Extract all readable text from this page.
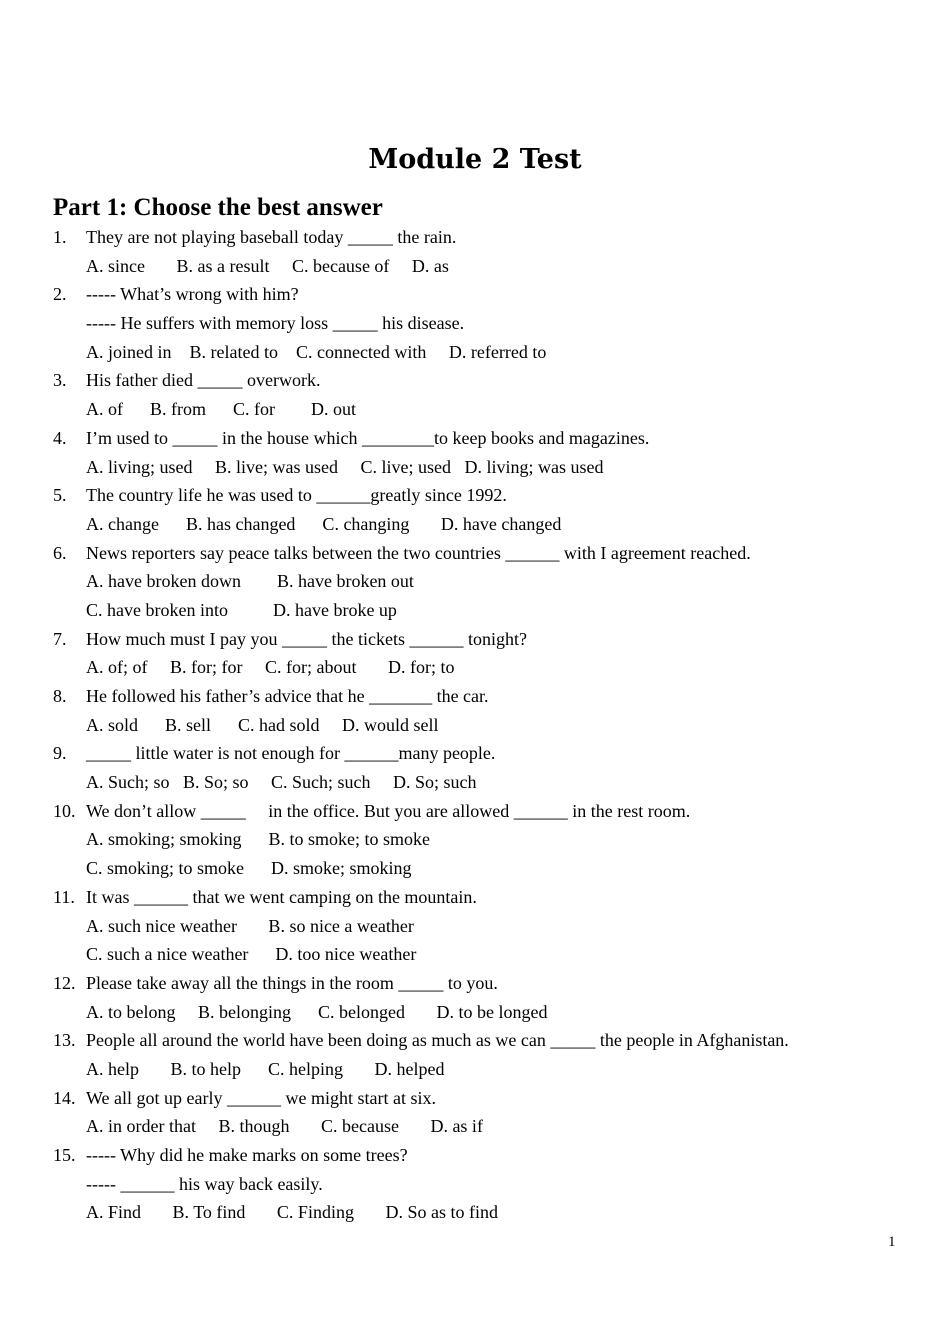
Module 2 Test
Part 1: Choose the best answer
1. They are not playing baseball today _____ the rain.
A. since       B. as a result     C. because of     D. as
2. ----- What’s wrong with him?
----- He suffers with memory loss _____ his disease.
A. joined in    B. related to    C. connected with     D. referred to
3. His father died _____ overwork.
A. of      B. from      C. for        D. out
4. I’m used to _____ in the house which ________to keep books and magazines.
A. living; used     B. live; was used     C. live; used   D. living; was used
5. The country life he was used to ______greatly since 1992.
A. change      B. has changed      C. changing       D. have changed
6. News reporters say peace talks between the two countries ______ with I agreement reached.
A. have broken down        B. have broken out
C. have broken into          D. have broke up
7. How much must I pay you _____ the tickets ______ tonight?
A. of; of     B. for; for     C. for; about       D. for; to
8. He followed his father’s advice that he _______ the car.
A. sold      B. sell      C. had sold     D. would sell
9. _____ little water is not enough for ______many people.
A. Such; so   B. So; so     C. Such; such     D. So; such
10. We don’t allow _____     in the office. But you are allowed ______ in the rest room.
A. smoking; smoking      B. to smoke; to smoke
C. smoking; to smoke      D. smoke; smoking
11. It was ______ that we went camping on the mountain.
A. such nice weather       B. so nice a weather
C. such a nice weather      D. too nice weather
12. Please take away all the things in the room _____ to you.
A. to belong     B. belonging      C. belonged       D. to be longed
13. People all around the world have been doing as much as we can _____ the people in Afghanistan.
A. help       B. to help      C. helping       D. helped
14. We all got up early ______ we might start at six.
A. in order that     B. though       C. because       D. as if
15. ----- Why did he make marks on some trees?
----- ______ his way back easily.
A. Find       B. To find       C. Finding       D. So as to find
1
